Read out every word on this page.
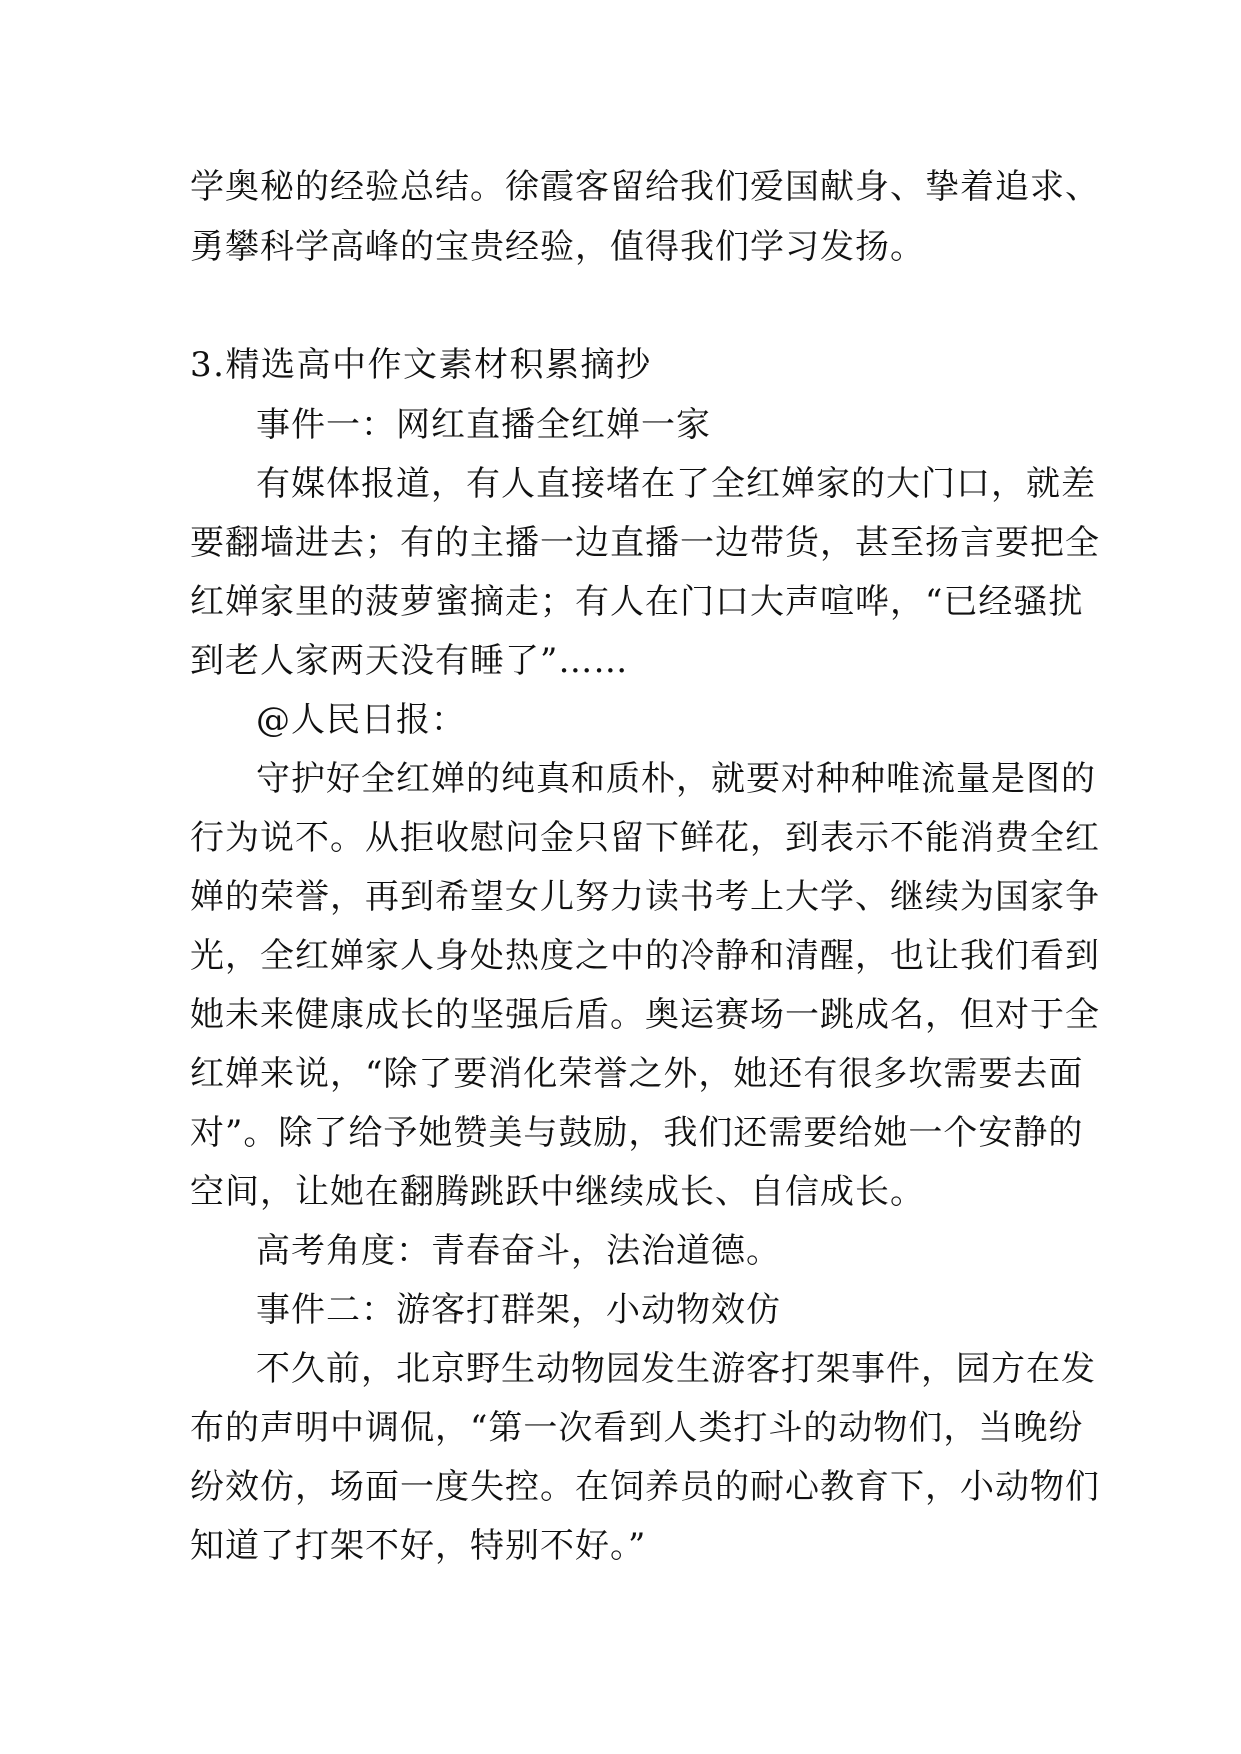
学奥秘的经验总结。徐霞客留给我们爱国献身、挚着追求、
勇攀科学高峰的宝贵经验，值得我们学习发扬。
3.精选高中作文素材积累摘抄
事件一：网红直播全红婵一家
有媒体报道，有人直接堵在了全红婵家的大门口，就差
要翻墙进去；有的主播一边直播一边带货，甚至扬言要把全
红婵家里的菠萝蜜摘走；有人在门口大声喧哗，“已经骚扰
到老人家两天没有睡了”……
@人民日报：
守护好全红婵的纯真和质朴，就要对种种唯流量是图的
行为说不。从拒收慰问金只留下鲜花，到表示不能消费全红
婵的荣誉，再到希望女儿努力读书考上大学、继续为国家争
光，全红婵家人身处热度之中的冷静和清醒，也让我们看到
她未来健康成长的坚强后盾。奥运赛场一跳成名，但对于全
红婵来说，“除了要消化荣誉之外，她还有很多坎需要去面
对”。除了给予她赞美与鼓励，我们还需要给她一个安静的
空间，让她在翻腾跳跃中继续成长、自信成长。
高考角度：青春奋斗，法治道德。
事件二：游客打群架，小动物效仿
不久前，北京野生动物园发生游客打架事件，园方在发
布的声明中调侃，“第一次看到人类打斗的动物们，当晚纷
纷效仿，场面一度失控。在饲养员的耐心教育下，小动物们
知道了打架不好，特别不好。”
